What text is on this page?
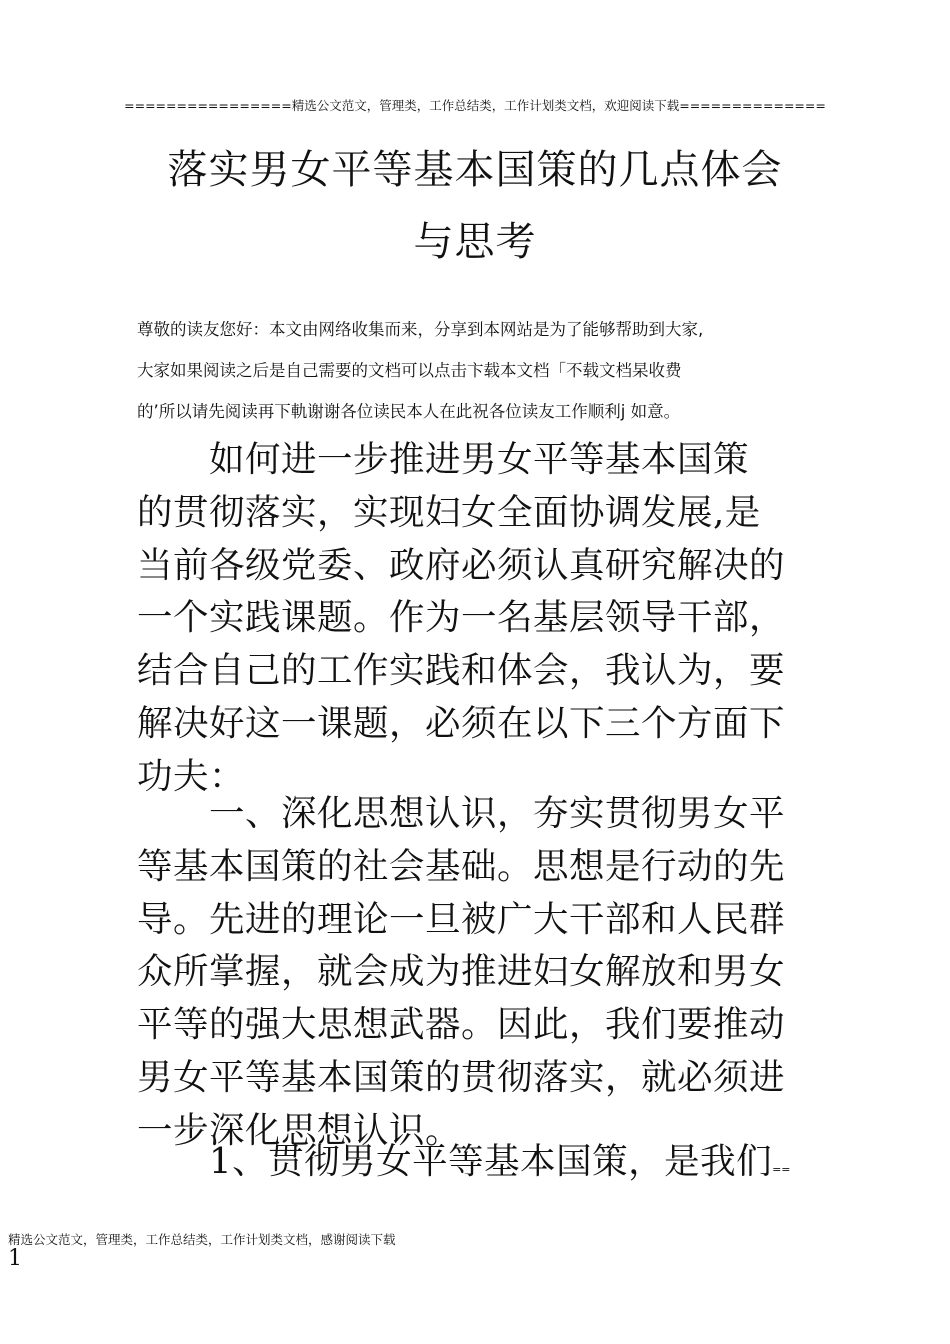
================精选公文范文，管理类，工作总结类，工作计划类文档，欢迎阅读下载==============
落实男女平等基本国策的几点体会
与思考
尊敬的读友您好：本文由网络收集而来，分享到本网站是为了能够帮助到大家,
大家如果阅读之后是自己需要的文档可以点击卞载本文档「不载文档杲收费
的’所以请先阅读再下軌谢谢各位读民本人在此祝各位读友工作顺利j 如意。

　　如何进一步推进男女平等基本国策

的贯彻落实，实现妇女全面协调发展,是

当前各级党委、政府必须认真研究解决的

一个实践课题。作为一名基层领导干部，

结合自己的工作实践和体会，我认为，要

解决好这一课题，必须在以下三个方面下

功夫：

　　一、深化思想认识，夯实贯彻男女平

等基本国策的社会基础。思想是行动的先

导。先进的理论一旦被广大干部和人民群

众所掌握，就会成为推进妇女解放和男女

平等的强大思想武器。因此，我们要推动

男女平等基本国策的贯彻落实，就必须进

一步深化思想认识。

　　1、贯彻男女平等基本国策，是我们==

精选公文范文，管理类，工作总结类，工作计划类文档，感谢阅读下载
1
